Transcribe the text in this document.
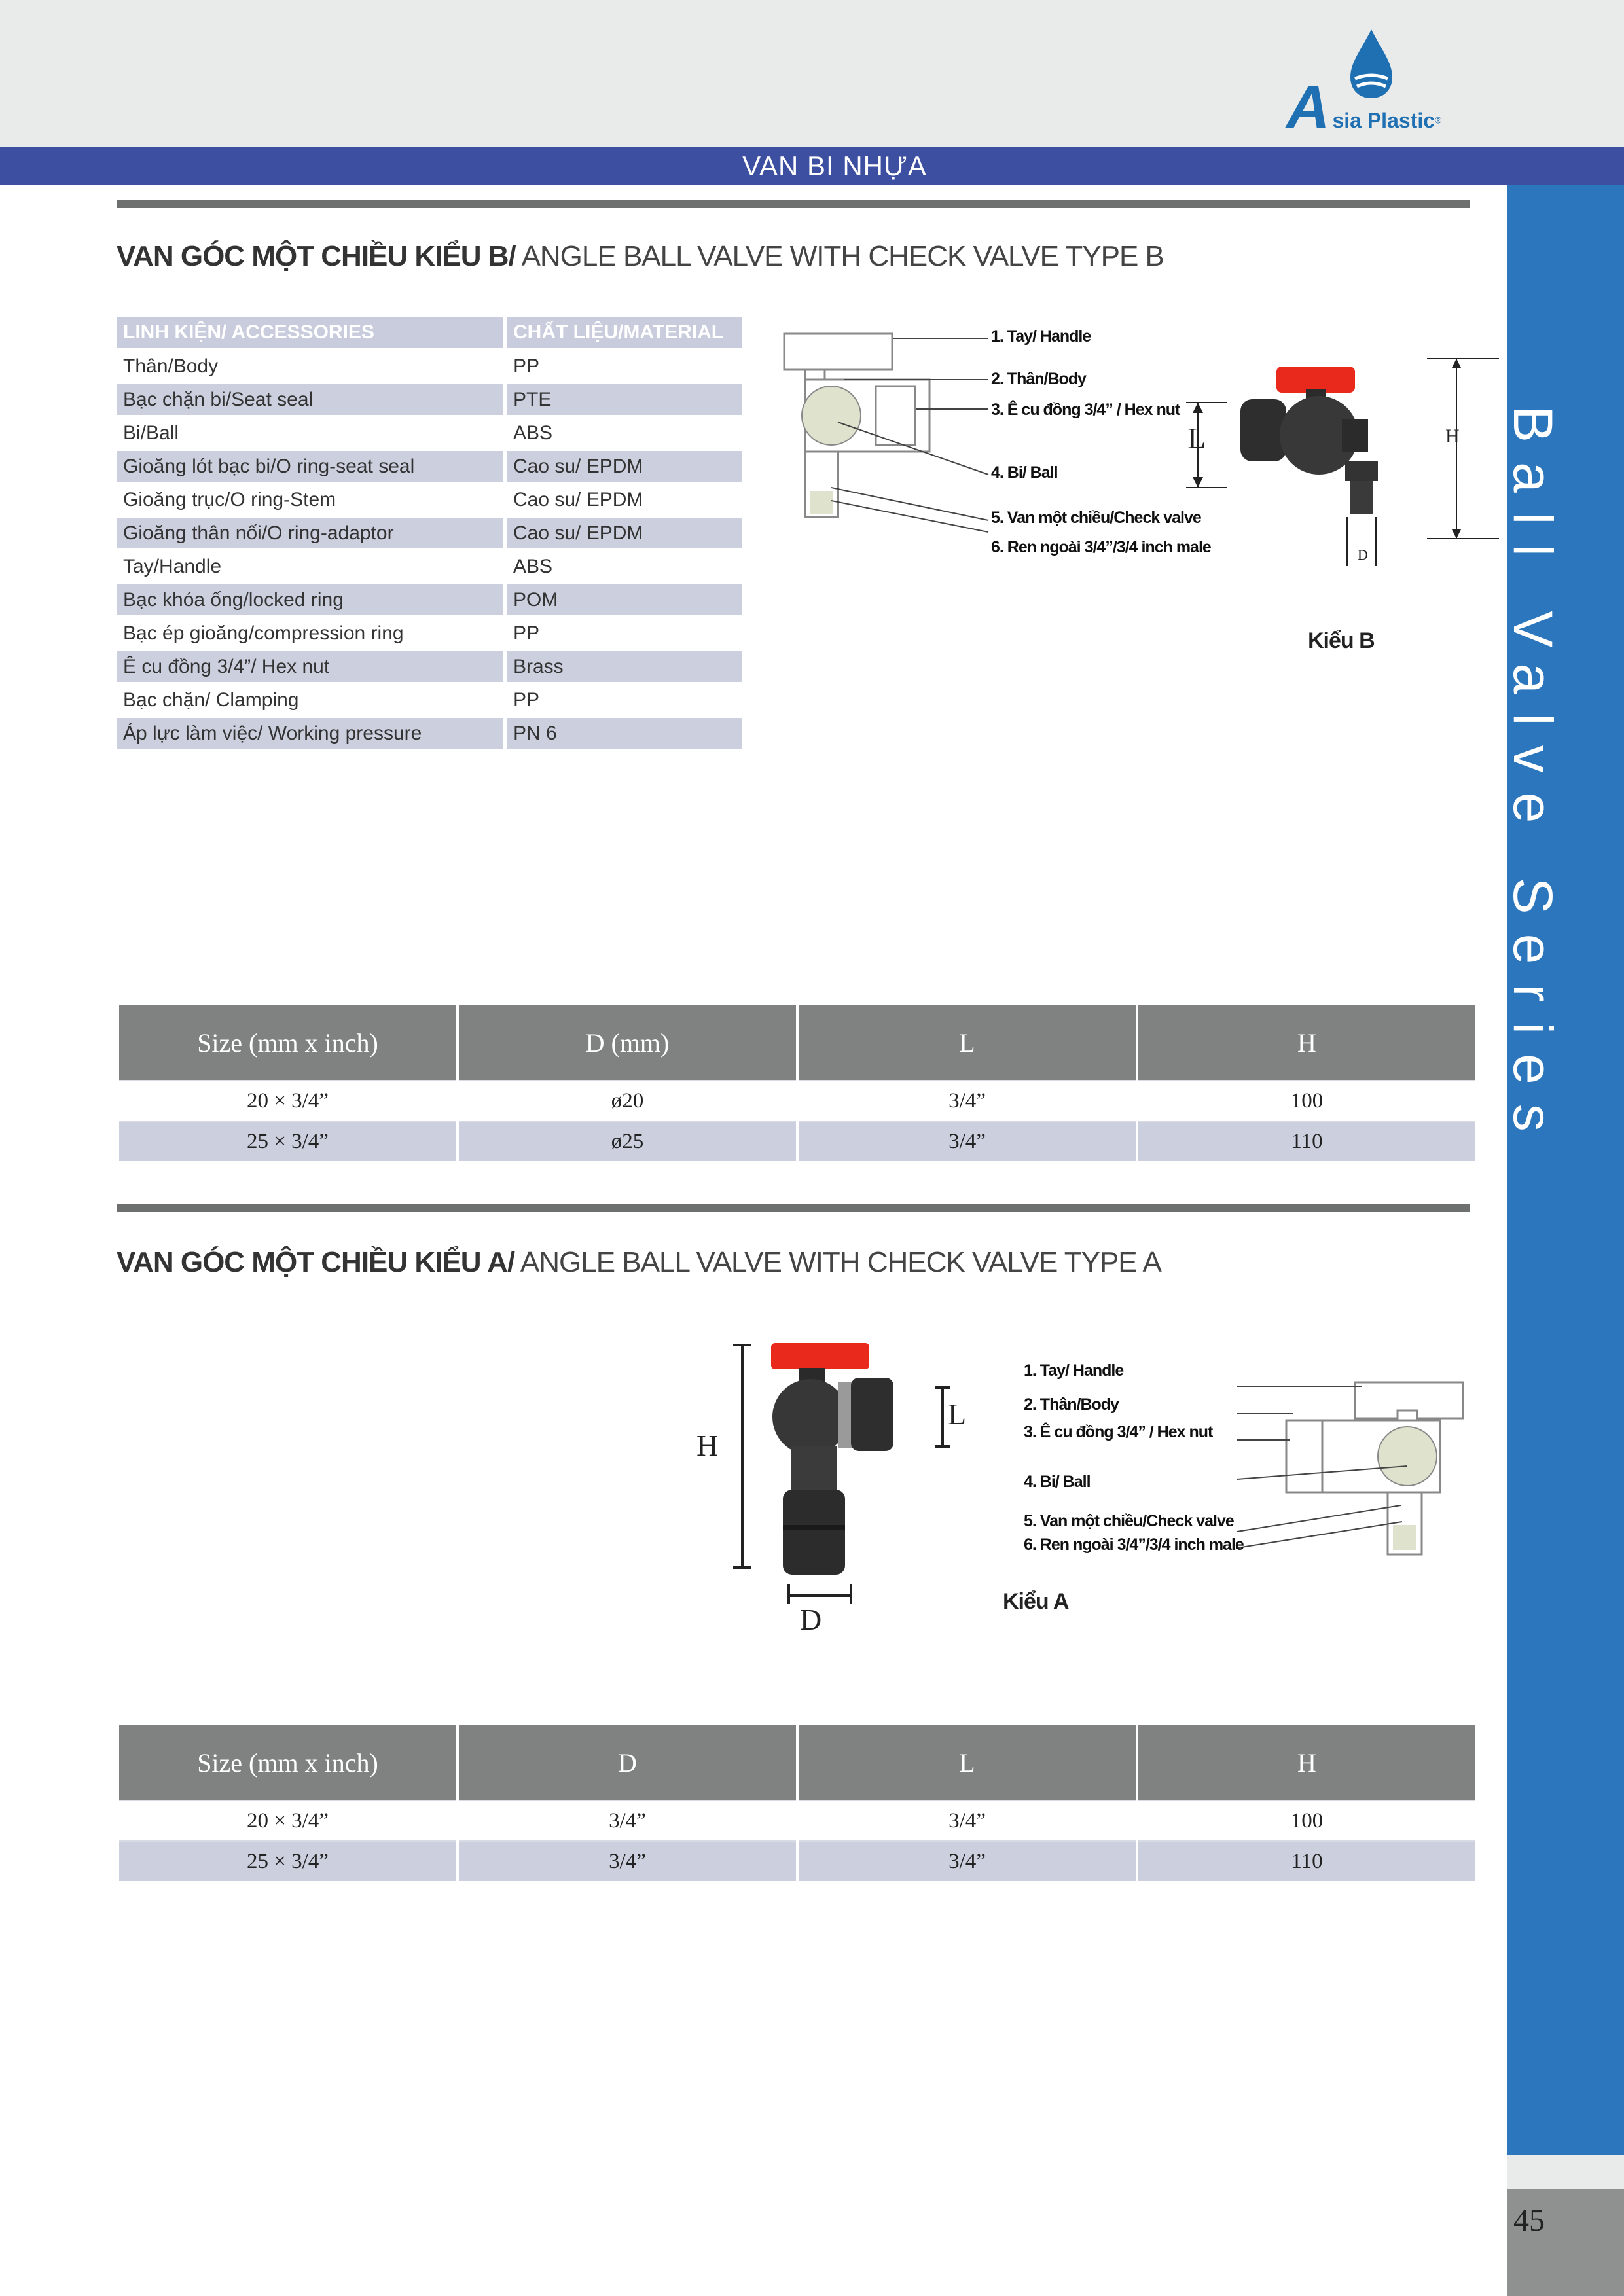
Asia Plastic®
VAN BI NHỰA
Ball Valve Series
45
VAN GÓC MỘT CHIỀU KIỂU B/ ANGLE BALL VALVE WITH CHECK VALVE TYPE B
LINH KIỆN/ ACCESSORIES	CHẤT LIỆU/MATERIAL
Thân/Body	PP
Bạc chặn bi/Seat seal	PTE
Bi/Ball	ABS
Gioăng lót bạc bi/O ring-seat seal	Cao su/ EPDM
Gioăng trục/O ring-Stem	Cao su/ EPDM
Gioăng thân nối/O ring-adaptor	Cao su/ EPDM
Tay/Handle	ABS
Bạc khóa ống/locked ring	POM
Bạc ép gioăng/compression ring	PP
Ê cu đồng 3/4”/ Hex nut	Brass
Bạc chặn/ Clamping	PP
Áp lực làm việc/ Working pressure	PN 6
1. Tay/ Handle
2. Thân/Body
3. Ê cu đồng 3/4” / Hex nut
4. Bi/ Ball
5. Van một chiều/Check valve
6. Ren ngoài 3/4”/3/4 inch male
L	H
D
Kiểu B
Size (mm x inch)	D (mm)	L	H
20 × 3/4”	ø20	3/4”	100
25 × 3/4”	ø25	3/4”	110
VAN GÓC MỘT CHIỀU KIỂU A/ ANGLE BALL VALVE WITH CHECK VALVE TYPE A
H
L
D
1. Tay/ Handle
2. Thân/Body
3. Ê cu đồng 3/4” / Hex nut
4. Bi/ Ball
5. Van một chiều/Check valve
6. Ren ngoài 3/4”/3/4 inch male
Kiểu A
Size (mm x inch)	D	L	H
20 × 3/4”	3/4”	3/4”	100
25 × 3/4”	3/4”	3/4”	110
